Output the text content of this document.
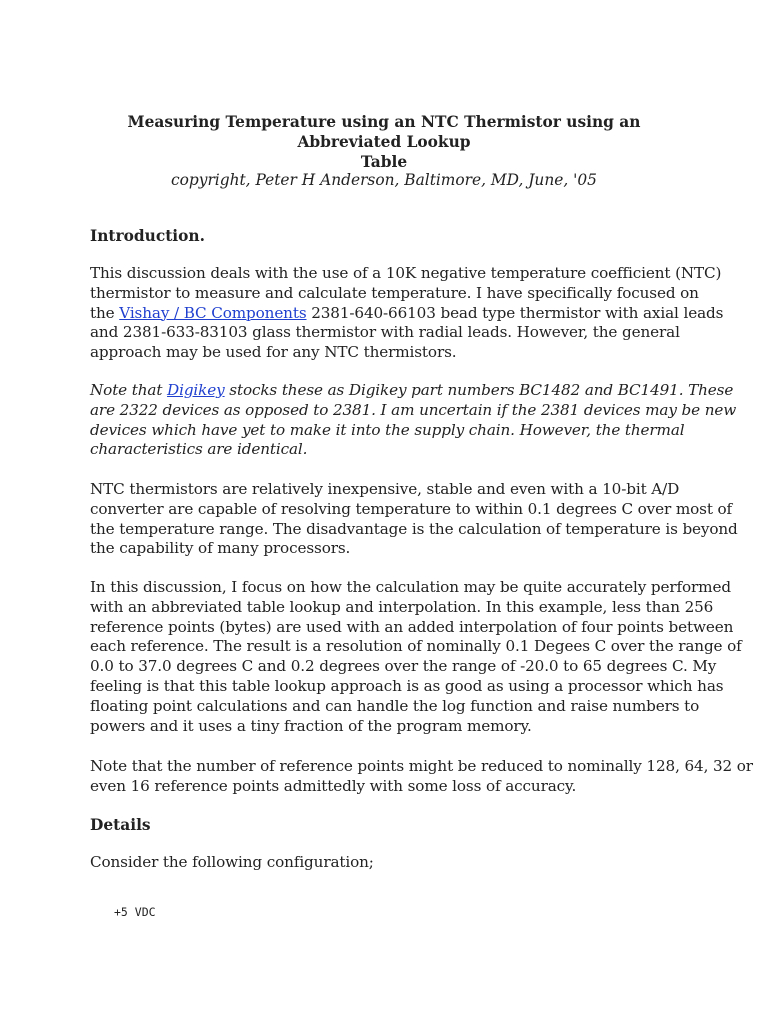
Measuring Temperature using an NTC Thermistor using an Abbreviated Lookup
Table

copyright, Peter H Anderson, Baltimore, MD, June, '05

Introduction.

This discussion deals with the use of a 10K negative temperature coefficient (NTC)
thermistor to measure and calculate temperature. I have specifically focused on
the Vishay / BC Components 2381-640-66103 bead type thermistor with axial leads
and 2381-633-83103 glass thermistor with radial leads. However, the general
approach may be used for any NTC thermistors.

Note that Digikey stocks these as Digikey part numbers BC1482 and BC1491. These
are 2322 devices as opposed to 2381. I am uncertain if the 2381 devices may be new
devices which have yet to make it into the supply chain. However, the thermal
characteristics are identical.

NTC thermistors are relatively inexpensive, stable and even with a 10-bit A/D
converter are capable of resolving temperature to within 0.1 degrees C over most of
the temperature range. The disadvantage is the calculation of temperature is beyond
the capability of many processors.

In this discussion, I focus on how the calculation may be quite accurately performed
with an abbreviated table lookup and interpolation. In this example, less than 256
reference points (bytes) are used with an added interpolation of four points between
each reference. The result is a resolution of nominally 0.1 Degees C over the range of
0.0 to 37.0 degrees C and 0.2 degrees over the range of -20.0 to 65 degrees C. My
feeling is that this table lookup approach is as good as using a processor which has
floating point calculations and can handle the log function and raise numbers to
powers and it uses a tiny fraction of the program memory.

Note that the number of reference points might be reduced to nominally 128, 64, 32 or
even 16 reference points admittedly with some loss of accuracy.

Details

Consider the following configuration;

+5 VDC
